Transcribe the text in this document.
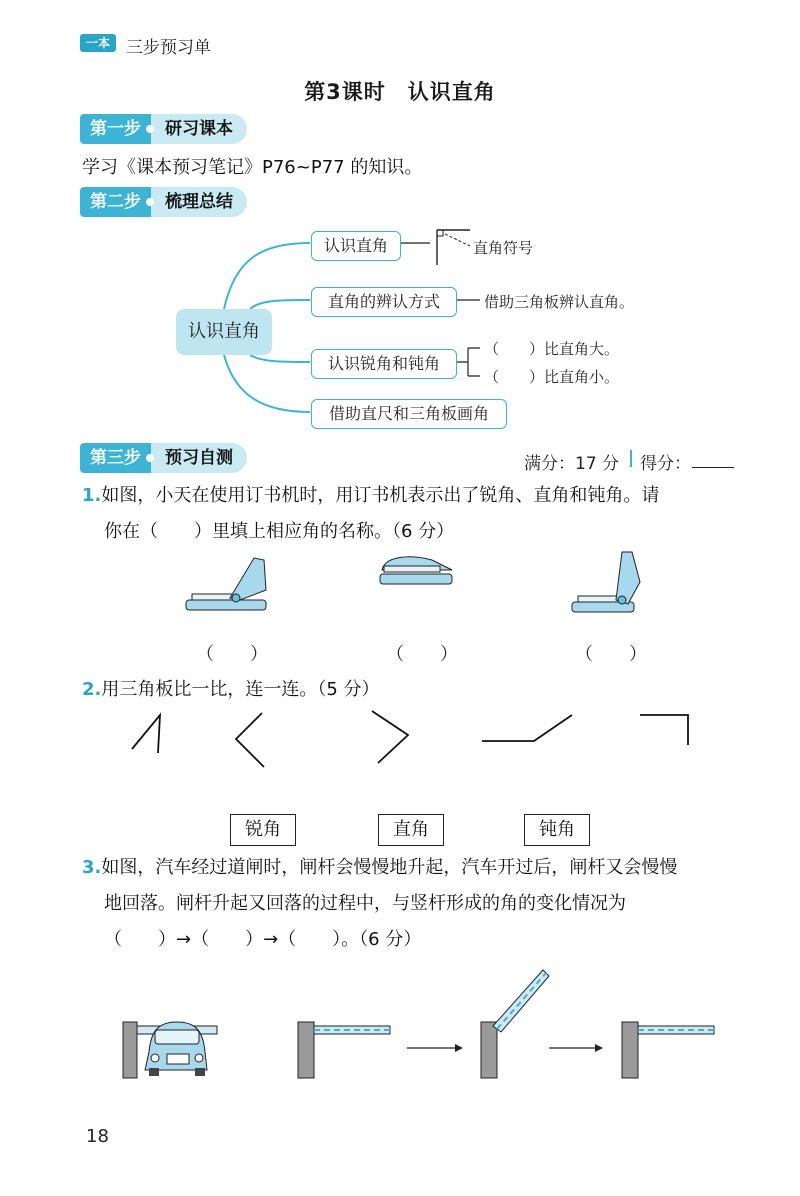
一本 三步预习单
第3课时　认识直角
第一步	研习课本
学习《课本预习笔记》P76~P77 的知识。
第二步	梳理总结
认识直角
认识直角	直角符号
直角的辨认方式	借助三角板辨认直角。
认识锐角和钝角
（　　）比直角大。
（　　）比直角小。
借助直尺和三角板画角
第三步	预习自测	满分：17 分 得分：
1.如图，小天在使用订书机时，用订书机表示出了锐角、直角和钝角。请
你在（　　）里填上相应角的名称。（6 分）
（　　）	（　　）	（　　）
2.用三角板比一比，连一连。（5 分）
锐角	直角	钝角
3.如图，汽车经过道闸时，闸杆会慢慢地升起，汽车开过后，闸杆又会慢慢
地回落。闸杆升起又回落的过程中，与竖杆形成的角的变化情况为
（　　）→（　　）→（　　）。（6 分）
18
